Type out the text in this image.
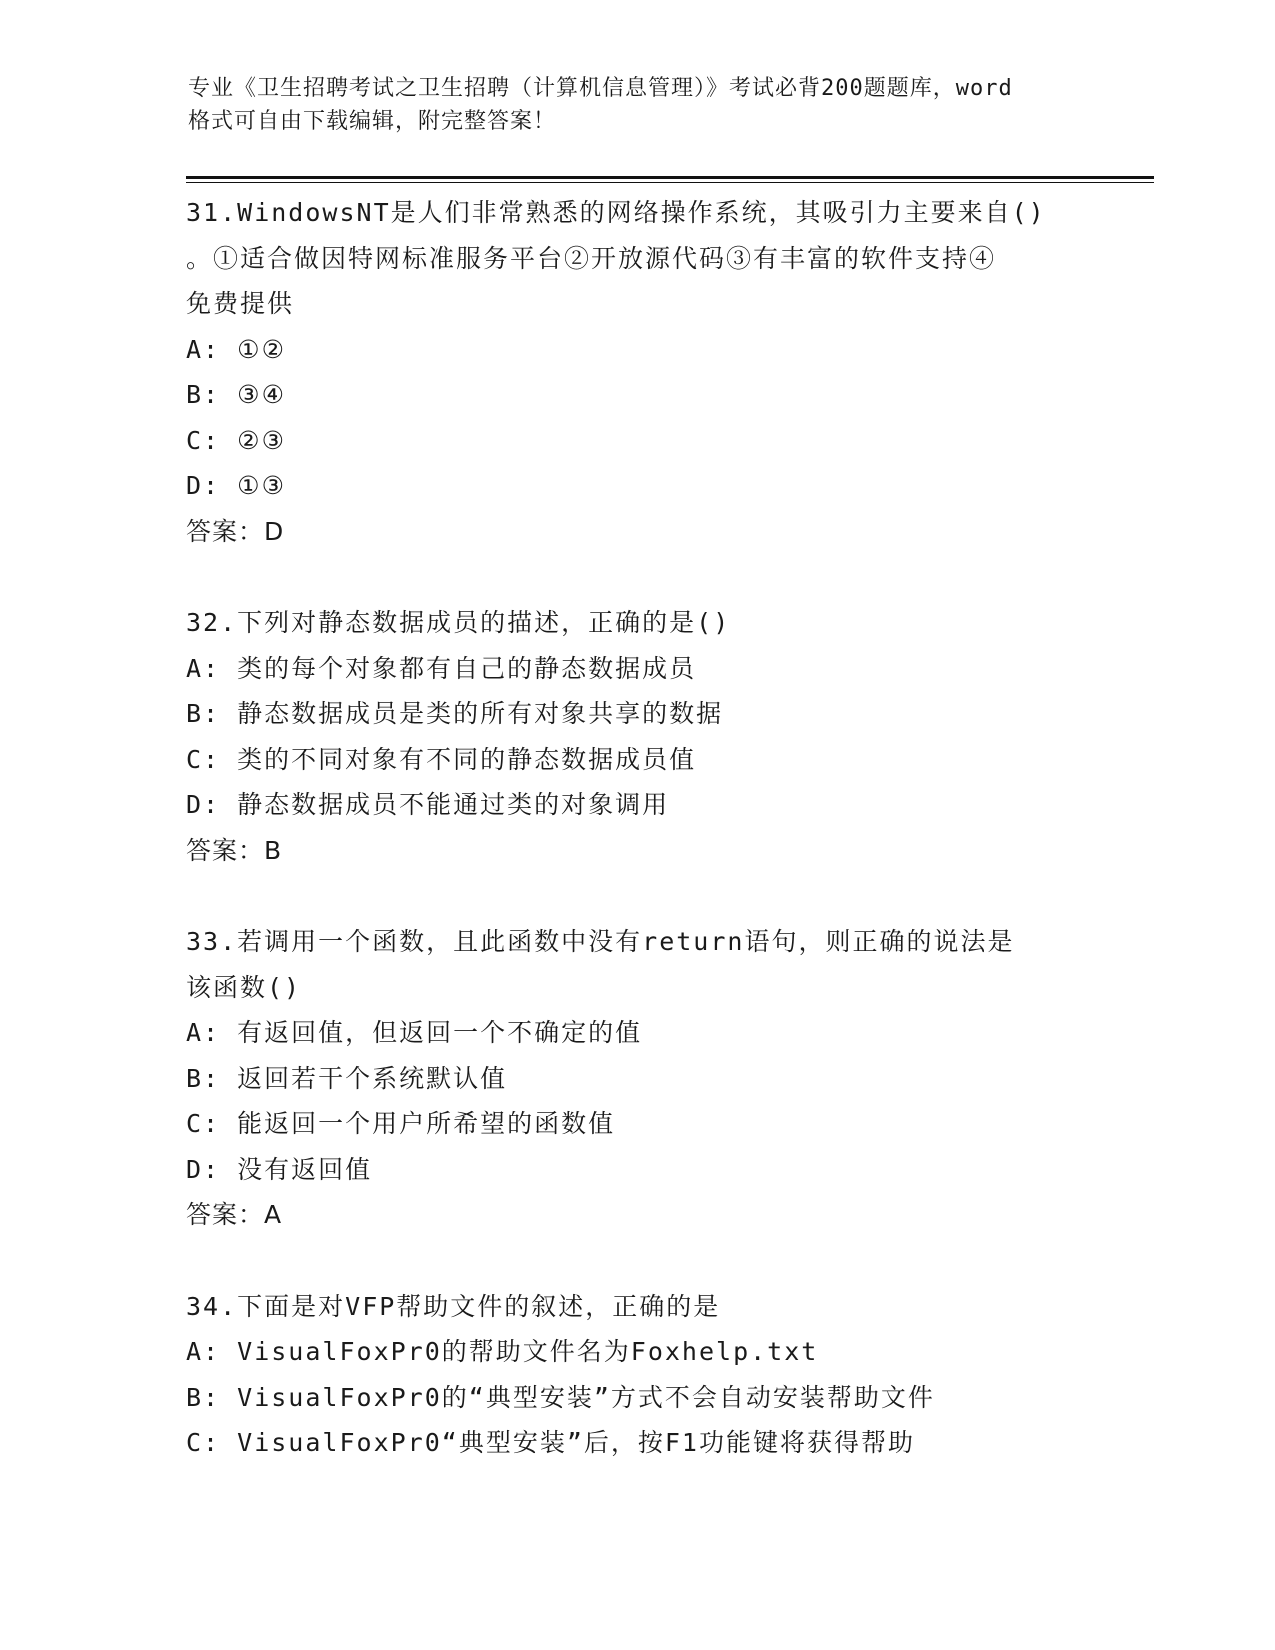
专业《卫生招聘考试之卫生招聘（计算机信息管理）》考试必背200题题库，word
格式可自由下载编辑，附完整答案！
31.WindowsNT是人们非常熟悉的网络操作系统，其吸引力主要来自()
。①适合做因特网标准服务平台②开放源代码③有丰富的软件支持④
免费提供
A: ①②
B: ③④
C: ②③
D: ①③
答案：D
32.下列对静态数据成员的描述，正确的是()
A: 类的每个对象都有自己的静态数据成员
B: 静态数据成员是类的所有对象共享的数据
C: 类的不同对象有不同的静态数据成员值
D: 静态数据成员不能通过类的对象调用
答案：B
33.若调用一个函数，且此函数中没有return语句，则正确的说法是
该函数()
A: 有返回值，但返回一个不确定的值
B: 返回若干个系统默认值
C: 能返回一个用户所希望的函数值
D: 没有返回值
答案：A
34.下面是对VFP帮助文件的叙述，正确的是
A: VisualFoxPr0的帮助文件名为Foxhelp.txt
B: VisualFoxPr0的“典型安装”方式不会自动安装帮助文件
C: VisualFoxPr0“典型安装”后，按F1功能键将获得帮助
